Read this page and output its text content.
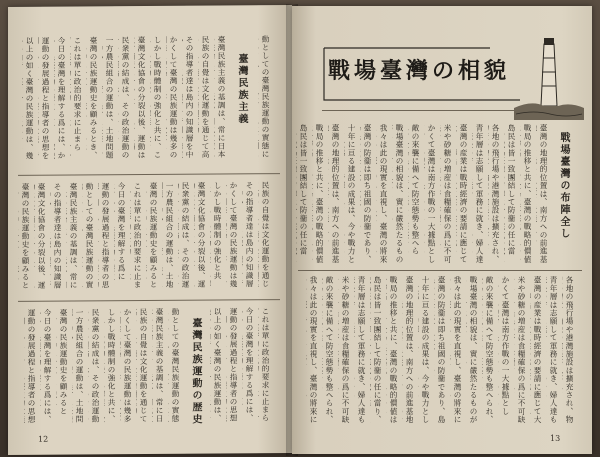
動としての臺灣民族運動の實態について見るならば、それは祖國に對する強い愛着と
臺灣民族主義
臺灣民族主義の基調は、常に日本の統治に對する抵抗と同化政策への反撥にあつた
民族の自覺は文化運動を通じて高められ、議會設置請願運動として展開されたのである
その指導者達は島内の知識層を中心として組織を擴げ、新聞や講演會を通じて民衆に訴へ
かくして臺灣の民族運動は幾多の困難に遭遇しながらも、次第にその基盤を固めていつた
しかし戰時體制の強化と共に、これらの運動は嚴しい彈壓を受けることとなつたのである
臺灣文化協會の分裂以後、運動は左右兩派に分かれ、それぞれ獨自の道を歩むに至つた
民衆黨の結成は、その政治運動の一つの頂點を示すものであつたと言ひ得るであらう
一方農民組合の運動は、土地問題を中心として廣く農村に浸透し、大きな勢力となつた
臺灣の民族運動史を顧みるとき、その中に一貫して流れるものは自治への強い希求である
これは單に政治的要求に止まらず、經濟的文化的な自立をも含むものであつたのである
今日の臺灣を理解する爲には、かかる民族運動の歴史を正しく認識することが必要である
運動の發展過程と指導者の思想を明らかにし、その歴史的意義を考察しなければならない
以上の如く臺灣の民族運動は、幾多の曲折を經て今日に及んでゐるのである
民族の自覺は文化運動を通じて高められ、議會設置請願運動として展開されたのである
その指導者達は島内の知識層を中心として組織を擴げ、新聞や講演會を通じて民衆に訴へ かくして臺灣の民族運動は幾多の困難に遭遇しながらも、次第にその基盤を固めていつた しかし戰時體制の強化と共に、これらの運動は嚴しい彈壓を受けることとなつたのである 臺灣文化協會の分裂以後、運動は左右兩派に分かれ、それぞれ獨自の道を歩むに至つた
民衆黨の結成は、その政治運動の一つの頂點を示すものであつたと言ひ得るであらう
一方農民組合の運動は、土地問題を中心として廣く農村に浸透し、大きな勢力となつた
臺灣の民族運動史を顧みるとき、その中に一貫して流れるものは自治への強い希求である これは單に政治的要求に止まらず、經濟的文化的な自立をも含むものであつたのである
今日の臺灣を理解する爲には、かかる民族運動の歴史を正しく認識することが必要である 運動の發展過程と指導者の思想を明らかにし、その歴史的意義を考察しなければならない 動としての臺灣民族運動の實態について見るならば、それは祖國に對する強い愛着と
臺灣民族主義の基調は、常に日本の統治に對する抵抗と同化政策への反撥にあつた
その指導者達は島内の知識層を中心として組織を擴げ、新聞や講演會を通じて民衆に訴へ 臺灣文化協會の分裂以後、運動は左右兩派に分かれ、それぞれ獨自の道を歩むに至つた
臺灣の民族運動史を顧みるとき、その中に一貫して流れるものは自治への強い希求である
これは單に政治的要求に止まらず、經濟的文化的な自立をも含むものであつたのである
今日の臺灣を理解する爲には、かかる民族運動の歴史を正しく認識することが必要である
運動の發展過程と指導者の思想を明らかにし、その歴史的意義を考察しなければならない
以上の如く臺灣の民族運動は、幾多の曲折を經て今日に及んでゐるのである
臺灣民族運動の歴史
動としての臺灣民族運動の實態について見るならば、それは祖國に對する強い愛着と
臺灣民族主義の基調は、常に日本の統治に對する抵抗と同化政策への反撥にあつた
民族の自覺は文化運動を通じて高められ、議會設置請願運動として展開されたのである
かくして臺灣の民族運動は幾多の困難に遭遇しながらも、次第にその基盤を固めていつた
しかし戰時體制の強化と共に、これらの運動は嚴しい彈壓を受けることとなつたのである
民衆黨の結成は、その政治運動の一つの頂點を示すものであつたと言ひ得るであらう
一方農民組合の運動は、土地問題を中心として廣く農村に浸透し、大きな勢力となつた
臺灣の民族運動史を顧みるとき、その中に一貫して流れるものは自治への強い希求である
今日の臺灣を理解する爲には、かかる民族運動の歴史を正しく認識することが必要である
運動の發展過程と指導者の思想を明らかにし、その歴史的意義を考察しなければならない
12
戰場臺灣の布陣全し
臺灣の地理的位置は、南方への前進基
戰局の推移と共に、臺灣の戰略的價値
島民は皆一致團結して防衞の任に當
各地の飛行場や港灣施設は擴充され、
青年層は志願して軍務に就き、婦人達
臺灣の産業は戰時經濟の要請に應じて
米や砂糖の増産は食糧確保の爲に不可
かくて臺灣は南方作戰の一大據點とし
敵の來襲に備へて防空態勢も整へら
戰場臺灣の相貌は、實に嚴然たるもの
我々は此の現實を直視し、臺灣の將來
臺灣の防衞は即ち祖國の防衞であり、
十年に亘る建設の成果は、今や戰力と
臺灣の地理的位置は、南方への前進基
戰局の推移と共に、臺灣の戰略的價値
島民は皆一致團結して防衞の任に當
各地の飛行場や港灣施設は擴充され、物
青年層は志願して軍務に就き、婦人達も
臺灣の産業は戰時經濟の要請に應じて大
米や砂糖の増産は食糧確保の爲に不可缺
かくて臺灣は南方作戰の一大據點とし
敵の來襲に備へて防空態勢も整へられ、
戰場臺灣の相貌は、實に嚴然たるものが
我々は此の現實を直視し、臺灣の將來に
臺灣の防衞は即ち祖國の防衞であり、島
十年に亘る建設の成果は、今や戰力とし
臺灣の地理的位置は、南方への前進基地
戰局の推移と共に、臺灣の戰略的價値は
島民は皆一致團結して防衞の任に當り、
青年層は志願して軍務に就き、婦人達も
米や砂糖の増産は食糧確保の爲に不可缺
敵の來襲に備へて防空態勢も整へられ、
我々は此の現實を直視し、臺灣の將來に
13
戰場臺灣の相貌
